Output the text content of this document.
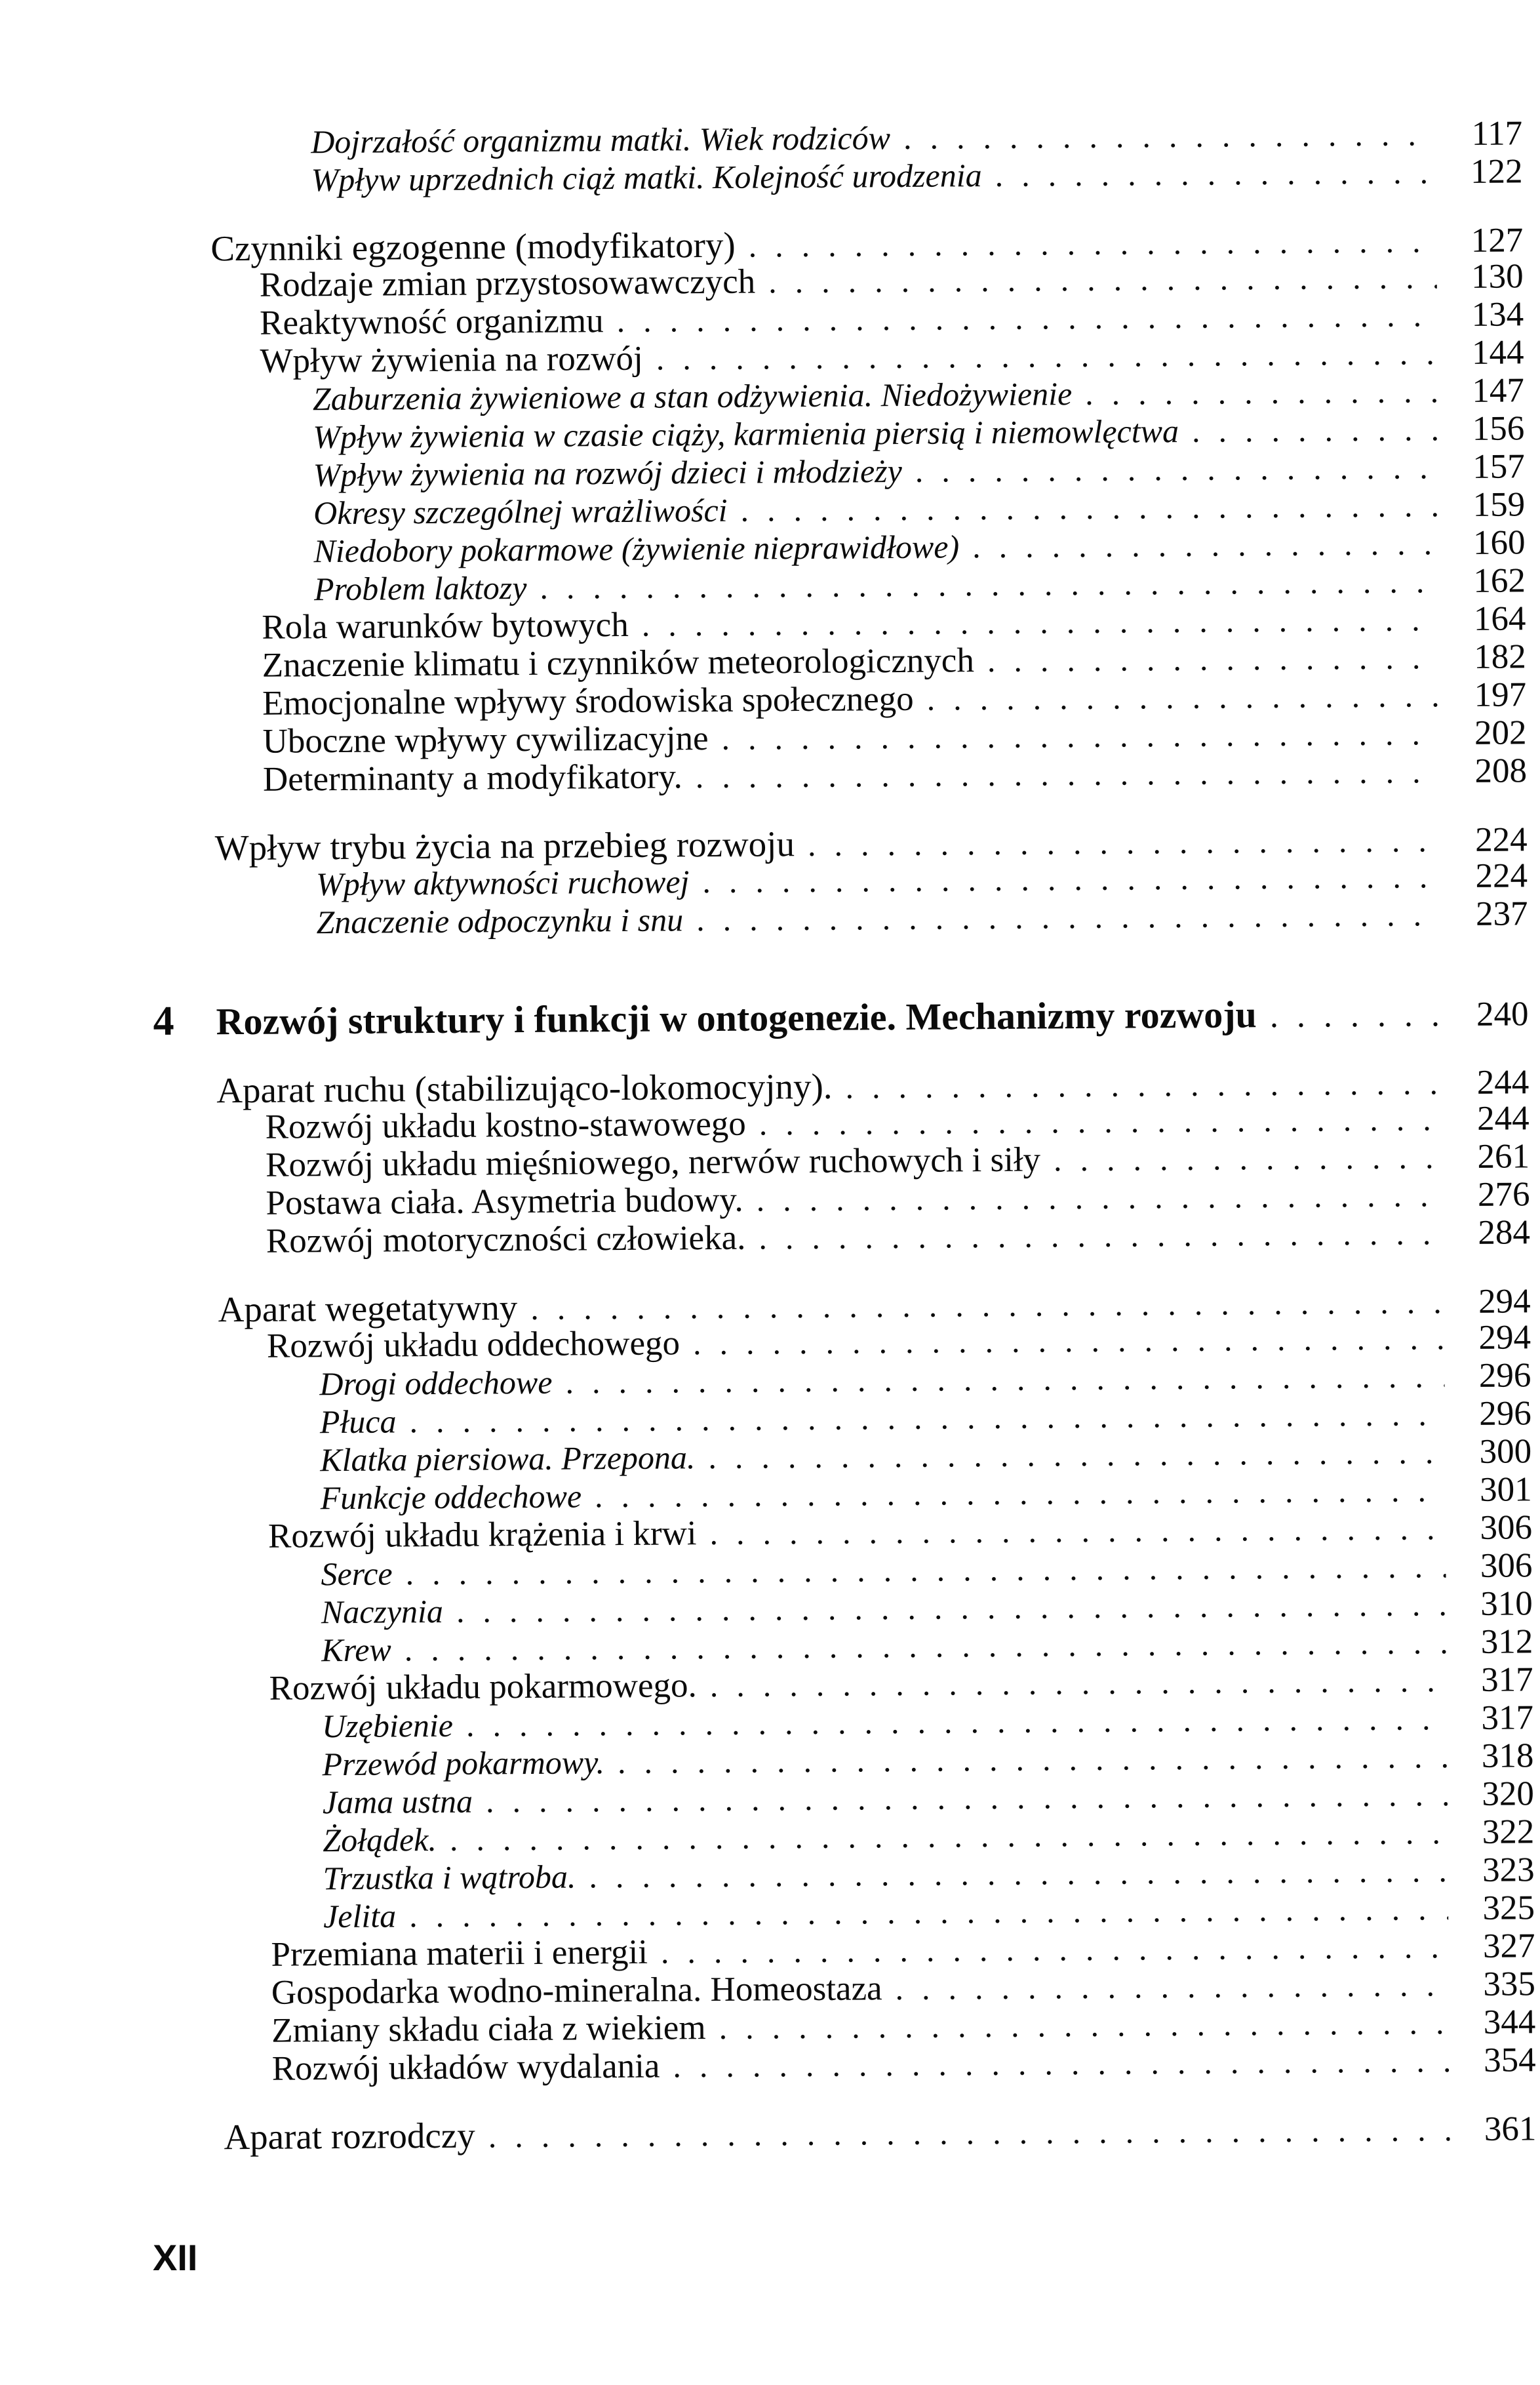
Dojrzałość organizmu matki. Wiek rodziców .....	117
Wpływ uprzednich ciąż matki. Kolejność urodzenia .....	122
Czynniki egzogenne (modyfikatory) .....	127
Rodzaje zmian przystosowawczych .....	130
Reaktywność organizmu .....	134
Wpływ żywienia na rozwój .....	144
Zaburzenia żywieniowe a stan odżywienia. Niedożywienie .....	147
Wpływ żywienia w czasie ciąży, karmienia piersią i niemowlęctwa .....	156
Wpływ żywienia na rozwój dzieci i młodzieży .....	157
Okresy szczególnej wrażliwości .....	159
Niedobory pokarmowe (żywienie nieprawidłowe) .....	160
Problem laktozy .....	162
Rola warunków bytowych .....	164
Znaczenie klimatu i czynników meteorologicznych .....	182
Emocjonalne wpływy środowiska społecznego .....	197
Uboczne wpływy cywilizacyjne .....	202
Determinanty a modyfikatory. .....	208
Wpływ trybu życia na przebieg rozwoju .....	224
Wpływ aktywności ruchowej .....	224
Znaczenie odpoczynku i snu .....	237
4	Rozwój struktury i funkcji w ontogenezie. Mechanizmy rozwoju .....	240
Aparat ruchu (stabilizująco-lokomocyjny). .....	244
Rozwój układu kostno-stawowego .....	244
Rozwój układu mięśniowego, nerwów ruchowych i siły .....	261
Postawa ciała. Asymetria budowy. .....	276
Rozwój motoryczności człowieka. .....	284
Aparat wegetatywny .....	294
Rozwój układu oddechowego .....	294
Drogi oddechowe .....	296
Płuca .....	296
Klatka piersiowa. Przepona. .....	300
Funkcje oddechowe .....	301
Rozwój układu krążenia i krwi .....	306
Serce .....	306
Naczynia .....	310
Krew .....	312
Rozwój układu pokarmowego. .....	317
Uzębienie .....	317
Przewód pokarmowy. .....	318
Jama ustna .....	320
Żołądek. .....	322
Trzustka i wątroba. .....	323
Jelita .....	325
Przemiana materii i energii .....	327
Gospodarka wodno-mineralna. Homeostaza .....	335
Zmiany składu ciała z wiekiem .....	344
Rozwój układów wydalania .....	354
Aparat rozrodczy .....	361
XII
